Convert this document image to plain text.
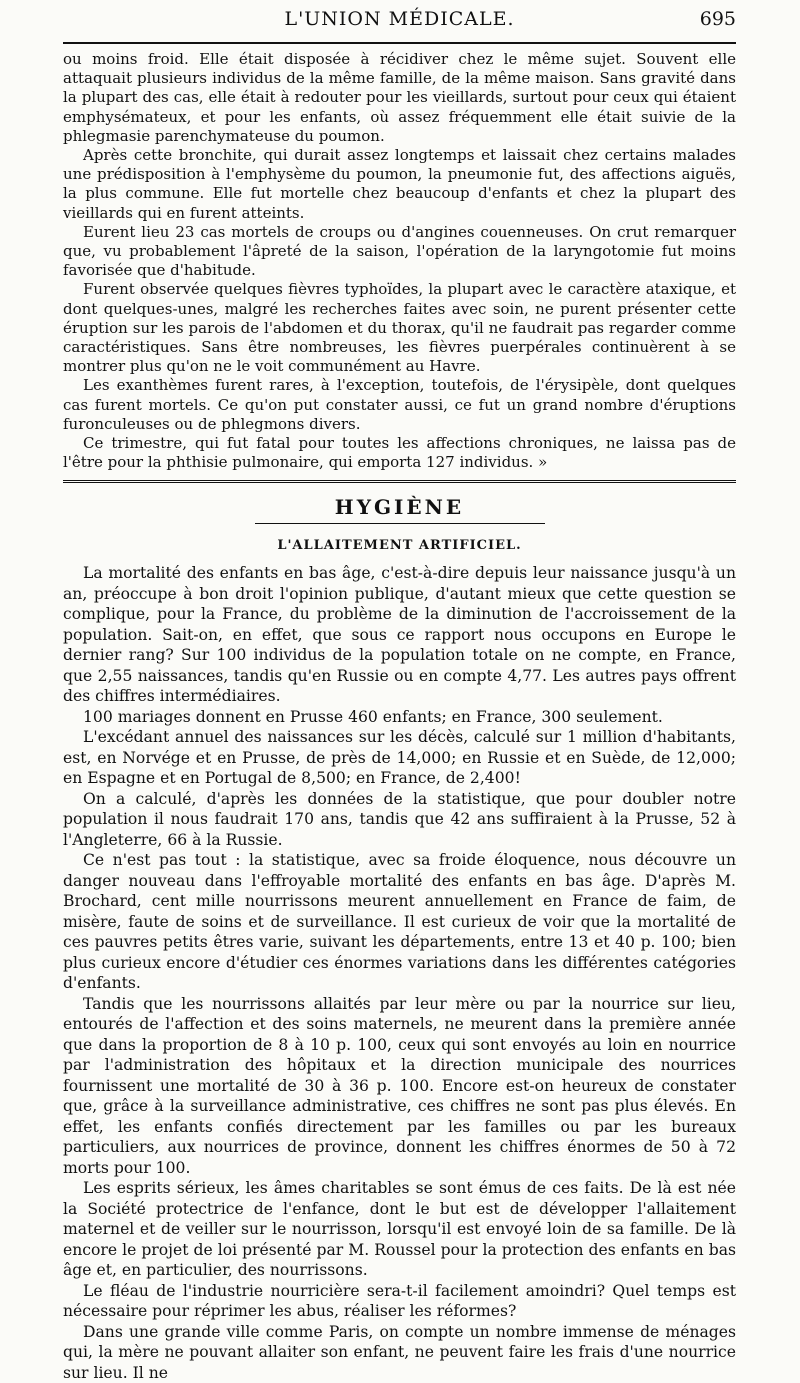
L'UNION MÉDICALE.	695

ou moins froid. Elle était disposée à récidiver chez le même sujet. Souvent elle attaquait plusieurs individus de la même famille, de la même maison. Sans gravité dans la plupart des cas, elle était à redouter pour les vieillards, surtout pour ceux qui étaient emphysémateux, et pour les enfants, où assez fréquemment elle était suivie de la phlegmasie parenchymateuse du poumon.

Après cette bronchite, qui durait assez longtemps et laissait chez certains malades une prédisposition à l'emphysème du poumon, la pneumonie fut, des affections aiguës, la plus commune. Elle fut mortelle chez beaucoup d'enfants et chez la plupart des vieillards qui en furent atteints.

Eurent lieu 23 cas mortels de croups ou d'angines couenneuses. On crut remarquer que, vu probablement l'âpreté de la saison, l'opération de la laryngotomie fut moins favorisée que d'habitude.

Furent observée quelques fièvres typhoïdes, la plupart avec le caractère ataxique, et dont quelques-unes, malgré les recherches faites avec soin, ne purent présenter cette éruption sur les parois de l'abdomen et du thorax, qu'il ne faudrait pas regarder comme caractéristiques. Sans être nombreuses, les fièvres puerpérales continuèrent à se montrer plus qu'on ne le voit communément au Havre.

Les exanthèmes furent rares, à l'exception, toutefois, de l'érysipèle, dont quelques cas furent mortels. Ce qu'on put constater aussi, ce fut un grand nombre d'éruptions furonculeuses ou de phlegmons divers.

Ce trimestre, qui fut fatal pour toutes les affections chroniques, ne laissa pas de l'être pour la phthisie pulmonaire, qui emporta 127 individus. »

HYGIÈNE
L'ALLAITEMENT ARTIFICIEL.

La mortalité des enfants en bas âge, c'est-à-dire depuis leur naissance jusqu'à un an, préoccupe à bon droit l'opinion publique, d'autant mieux que cette question se complique, pour la France, du problème de la diminution de l'accroissement de la population. Sait-on, en effet, que sous ce rapport nous occupons en Europe le dernier rang? Sur 100 individus de la population totale on ne compte, en France, que 2,55 naissances, tandis qu'en Russie ou en compte 4,77. Les autres pays offrent des chiffres intermédiaires.

100 mariages donnent en Prusse 460 enfants; en France, 300 seulement.

L'excédant annuel des naissances sur les décès, calculé sur 1 million d'habitants, est, en Norvége et en Prusse, de près de 14,000; en Russie et en Suède, de 12,000; en Espagne et en Portugal de 8,500; en France, de 2,400!

On a calculé, d'après les données de la statistique, que pour doubler notre population il nous faudrait 170 ans, tandis que 42 ans suffiraient à la Prusse, 52 à l'Angleterre, 66 à la Russie.

Ce n'est pas tout : la statistique, avec sa froide éloquence, nous découvre un danger nouveau dans l'effroyable mortalité des enfants en bas âge. D'après M. Brochard, cent mille nourrissons meurent annuellement en France de faim, de misère, faute de soins et de surveillance. Il est curieux de voir que la mortalité de ces pauvres petits êtres varie, suivant les départements, entre 13 et 40 p. 100; bien plus curieux encore d'étudier ces énormes variations dans les différentes catégories d'enfants.

Tandis que les nourrissons allaités par leur mère ou par la nourrice sur lieu, entourés de l'affection et des soins maternels, ne meurent dans la première année que dans la proportion de 8 à 10 p. 100, ceux qui sont envoyés au loin en nourrice par l'administration des hôpitaux et la direction municipale des nourrices fournissent une mortalité de 30 à 36 p. 100. Encore est-on heureux de constater que, grâce à la surveillance administrative, ces chiffres ne sont pas plus élevés. En effet, les enfants confiés directement par les familles ou par les bureaux particuliers, aux nourrices de province, donnent les chiffres énormes de 50 à 72 morts pour 100.

Les esprits sérieux, les âmes charitables se sont émus de ces faits. De là est née la Société protectrice de l'enfance, dont le but est de développer l'allaitement maternel et de veiller sur le nourrisson, lorsqu'il est envoyé loin de sa famille. De là encore le projet de loi présenté par M. Roussel pour la protection des enfants en bas âge et, en particulier, des nourrissons.

Le fléau de l'industrie nourricière sera-t-il facilement amoindri? Quel temps est nécessaire pour réprimer les abus, réaliser les réformes?

Dans une grande ville comme Paris, on compte un nombre immense de ménages qui, la mère ne pouvant allaiter son enfant, ne peuvent faire les frais d'une nourrice sur lieu. Il ne
